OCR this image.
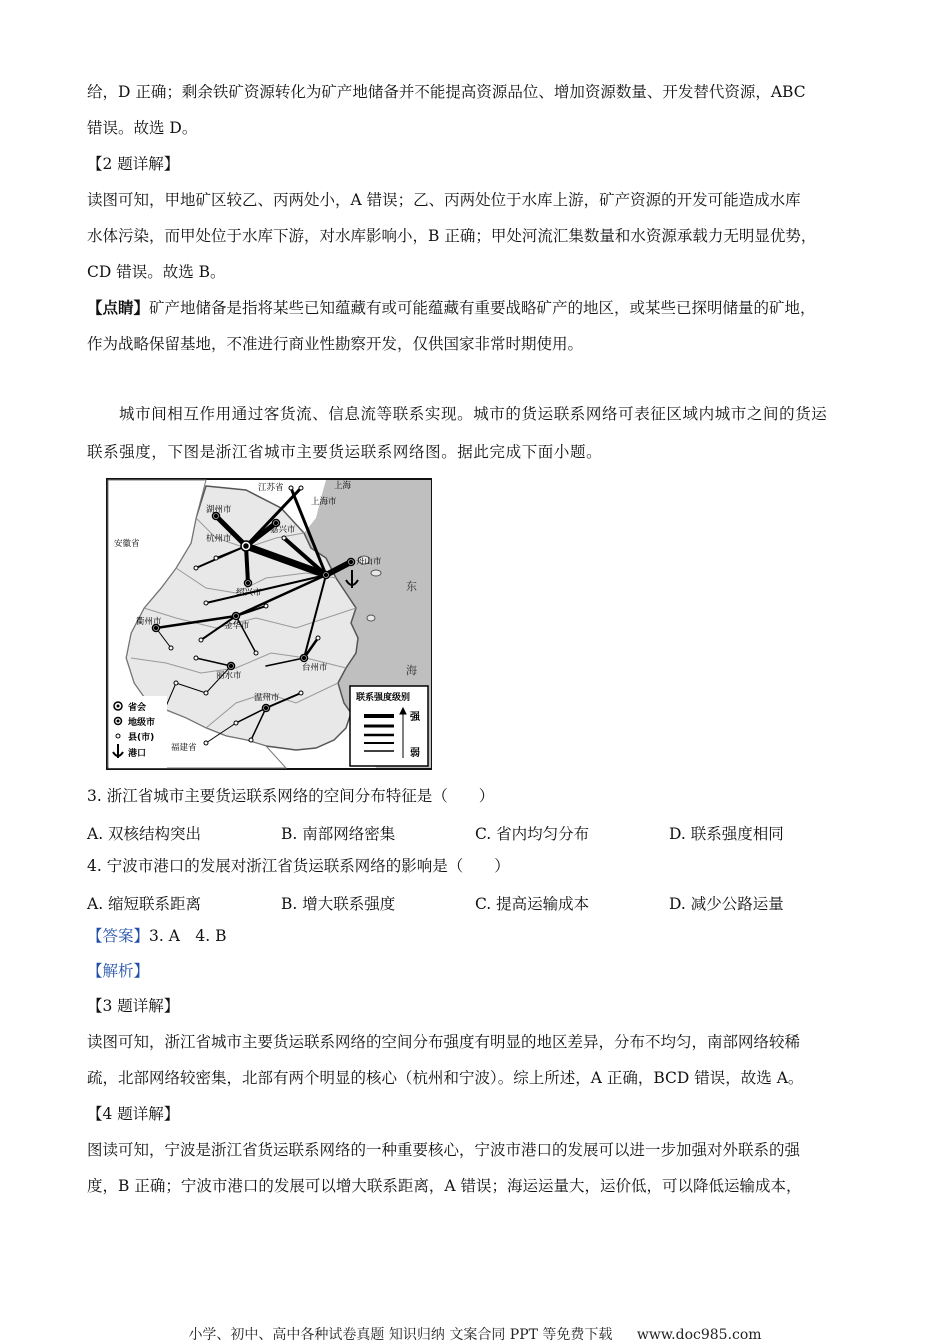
给，D 正确；剩余铁矿资源转化为矿产地储备并不能提高资源品位、增加资源数量、开发替代资源，ABC
错误。故选 D。
【2 题详解】
读图可知，甲地矿区较乙、丙两处小，A 错误；乙、丙两处位于水库上游，矿产资源的开发可能造成水库
水体污染，而甲处位于水库下游，对水库影响小，B 正确；甲处河流汇集数量和水资源承载力无明显优势，
CD 错误。故选 B。
【点睛】矿产地储备是指将某些已知蕴藏有或可能蕴藏有重要战略矿产的地区，或某些已探明储量的矿地，
作为战略保留基地，不准进行商业性勘察开发，仅供国家非常时期使用。
城市间相互作用通过客货流、信息流等联系实现。城市的货运联系网络可表征区域内城市之间的货运
联系强度，下图是浙江省城市主要货运联系网络图。据此完成下面小题。
江苏省
上海市
上海
安徽省
福建省
湖州市
嘉兴市
杭州市
绍兴市
舟山市
衢州市	金华市
台州市
丽水市
温州市
东
海
省会
地级市
县(市)
港口
联系强度级别
强
弱
3. 浙江省城市主要货运联系网络的空间分布特征是（　　）
A. 双核结构突出	B. 南部网络密集	C. 省内均匀分布	D. 联系强度相同
4. 宁波市港口的发展对浙江省货运联系网络的影响是（　　）
A. 缩短联系距离	B. 增大联系强度	C. 提高运输成本	D. 减少公路运量
【答案】3. A　4. B
【解析】
【3 题详解】
读图可知，浙江省城市主要货运联系网络的空间分布强度有明显的地区差异，分布不均匀，南部网络较稀
疏，北部网络较密集，北部有两个明显的核心（杭州和宁波）。综上所述，A 正确，BCD 错误，故选 A。
【4 题详解】
图读可知，宁波是浙江省货运联系网络的一种重要核心，宁波市港口的发展可以进一步加强对外联系的强
度，B 正确；宁波市港口的发展可以增大联系距离，A 错误；海运运量大，运价低，可以降低运输成本，
小学、初中、高中各种试卷真题 知识归纳 文案合同 PPT 等免费下载 www.doc985.com
